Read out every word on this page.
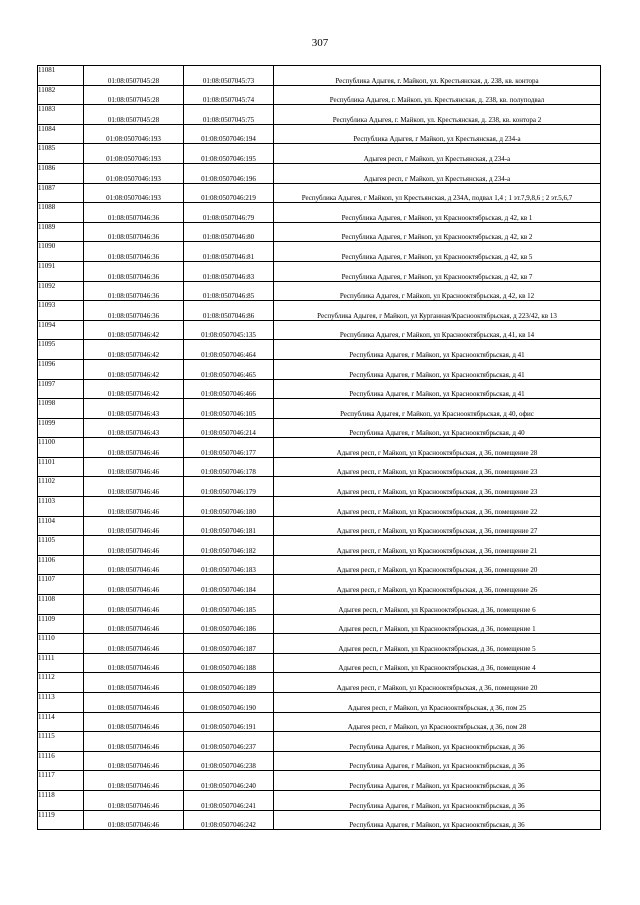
307
11081	01:08:0507045:28	01:08:0507045:73	Республика Адыгея, г. Майкоп, ул. Крестьянская, д. 238, кв. контора
11082	01:08:0507045:28	01:08:0507045:74	Республика Адыгея, г. Майкоп, ул. Крестьянская, д. 238, кв. полуподвал
11083	01:08:0507045:28	01:08:0507045:75	Республика Адыгея, г. Майкоп, ул. Крестьянская, д. 238, кв. контора 2
11084	01:08:0507046:193	01:08:0507046:194	Республика Адыгея, г Майкоп, ул Крестьянская, д 234-а
11085	01:08:0507046:193	01:08:0507046:195	Адыгея респ, г Майкоп, ул Крестьянская, д 234-а
11086	01:08:0507046:193	01:08:0507046:196	Адыгея респ, г Майкоп, ул Крестьянская, д 234-а
11087	01:08:0507046:193	01:08:0507046:219	Республика Адыгея, г Майкоп, ул Крестьянская, д 234А, подвал 1,4 ; 1 эт.7,9,8,6 ; 2 эт.5,6,7
11088	01:08:0507046:36	01:08:0507046:79	Республика Адыгея, г Майкоп, ул Краснооктябрьская, д 42, кв 1
11089	01:08:0507046:36	01:08:0507046:80	Республика Адыгея, г Майкоп, ул Краснооктябрьская, д 42, кв 2
11090	01:08:0507046:36	01:08:0507046:81	Республика Адыгея, г Майкоп, ул Краснооктябрьская, д 42, кв 5
11091	01:08:0507046:36	01:08:0507046:83	Республика Адыгея, г Майкоп, ул Краснооктябрьская, д 42, кв 7
11092	01:08:0507046:36	01:08:0507046:85	Республика Адыгея, г Майкоп, ул Краснооктябрьская, д 42, кв 12
11093	01:08:0507046:36	01:08:0507046:86	Республика Адыгея, г Майкоп, ул Курганная/Краснооктябрьская, д 223/42, кв 13
11094	01:08:0507046:42	01:08:0507045:135	Республика Адыгея, г Майкоп, ул Краснооктябрьская, д 41, кв 14
11095	01:08:0507046:42	01:08:0507046:464	Республика Адыгея, г Майкоп, ул Краснооктябрьская, д 41
11096	01:08:0507046:42	01:08:0507046:465	Республика Адыгея, г Майкоп, ул Краснооктябрьская, д 41
11097	01:08:0507046:42	01:08:0507046:466	Республика Адыгея, г Майкоп, ул Краснооктябрьская, д 41
11098	01:08:0507046:43	01:08:0507046:105	Республика Адыгея, г Майкоп, ул Краснооктябрьская, д 40, офис
11099	01:08:0507046:43	01:08:0507046:214	Республика Адыгея, г Майкоп, ул Краснооктябрьская, д 40
11100	01:08:0507046:46	01:08:0507046:177	Адыгея респ, г Майкоп, ул Краснооктябрьская, д 36, помещение 28
11101	01:08:0507046:46	01:08:0507046:178	Адыгея респ, г Майкоп, ул Краснооктябрьская, д 36, помещение 23
11102	01:08:0507046:46	01:08:0507046:179	Адыгея респ, г Майкоп, ул Краснооктябрьская, д 36, помещение 23
11103	01:08:0507046:46	01:08:0507046:180	Адыгея респ, г Майкоп, ул Краснооктябрьская, д 36, помещение 22
11104	01:08:0507046:46	01:08:0507046:181	Адыгея респ, г Майкоп, ул Краснооктябрьская, д 36, помещение 27
11105	01:08:0507046:46	01:08:0507046:182	Адыгея респ, г Майкоп, ул Краснооктябрьская, д 36, помещение 21
11106	01:08:0507046:46	01:08:0507046:183	Адыгея респ, г Майкоп, ул Краснооктябрьская, д 36, помещение 20
11107	01:08:0507046:46	01:08:0507046:184	Адыгея респ, г Майкоп, ул Краснооктябрьская, д 36, помещение 26
11108	01:08:0507046:46	01:08:0507046:185	Адыгея респ, г Майкоп, ул Краснооктябрьская, д 36, помещение 6
11109	01:08:0507046:46	01:08:0507046:186	Адыгея респ, г Майкоп, ул Краснооктябрьская, д 36, помещение 1
11110	01:08:0507046:46	01:08:0507046:187	Адыгея респ, г Майкоп, ул Краснооктябрьская, д 36, помещение 5
11111	01:08:0507046:46	01:08:0507046:188	Адыгея респ, г Майкоп, ул Краснооктябрьская, д 36, помещение 4
11112	01:08:0507046:46	01:08:0507046:189	Адыгея респ, г Майкоп, ул Краснооктябрьская, д 36, помещение 20
11113	01:08:0507046:46	01:08:0507046:190	Адыгея респ, г Майкоп, ул Краснооктябрьская, д 36, пом 25
11114	01:08:0507046:46	01:08:0507046:191	Адыгея респ, г Майкоп, ул Краснооктябрьская, д 36, пом 28
11115	01:08:0507046:46	01:08:0507046:237	Республика Адыгея, г Майкоп, ул Краснооктябрьская, д 36
11116	01:08:0507046:46	01:08:0507046:238	Республика Адыгея, г Майкоп, ул Краснооктябрьская, д 36
11117	01:08:0507046:46	01:08:0507046:240	Республика Адыгея, г Майкоп, ул Краснооктябрьская, д 36
11118	01:08:0507046:46	01:08:0507046:241	Республика Адыгея, г Майкоп, ул Краснооктябрьская, д 36
11119	01:08:0507046:46	01:08:0507046:242	Республика Адыгея, г Майкоп, ул Краснооктябрьская, д 36
